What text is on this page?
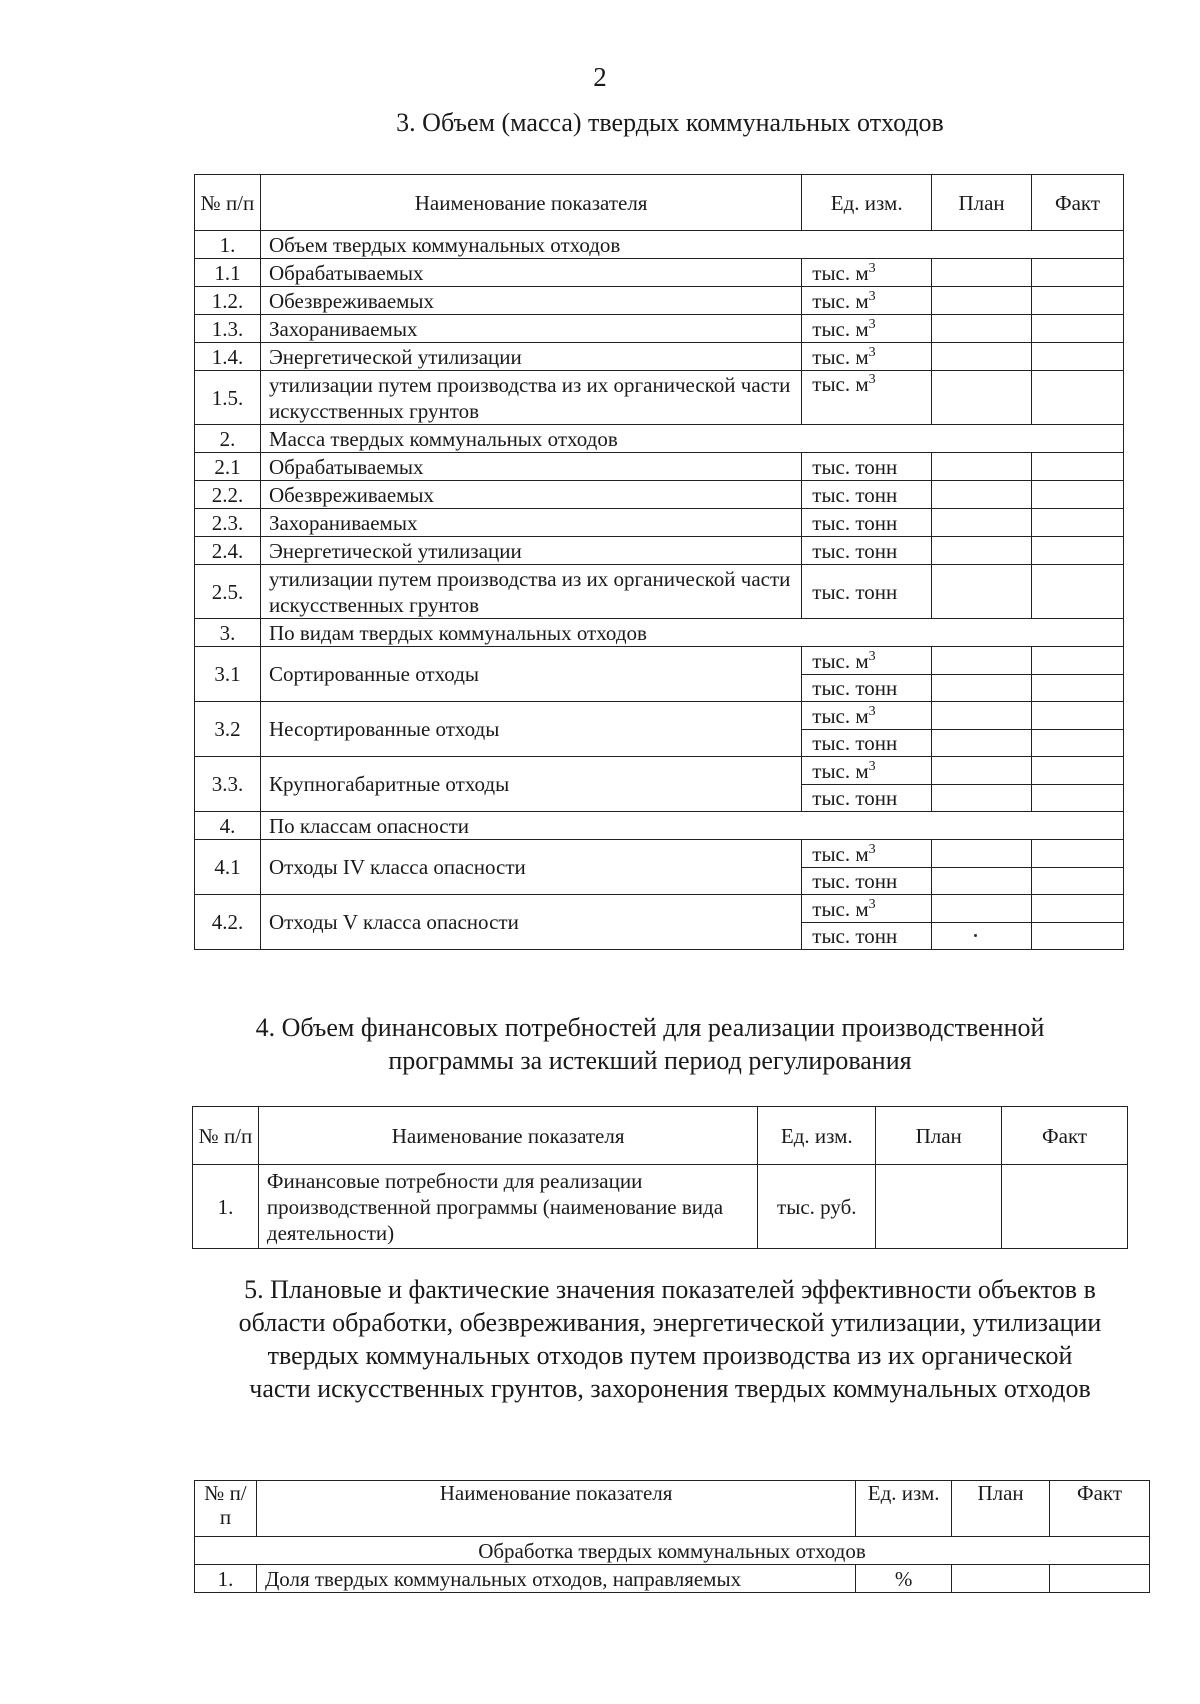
2
3. Объем (масса) твердых коммунальных отходов
№ п/п	Наименование показателя	Ед. изм.	План	Факт
1.	Объем твердых коммунальных отходов			
1.1	Обрабатываемых	тыс. $м^3$		
1.2.	Обезвреживаемых	тыс. $м^3$		
1.3.	Захораниваемых	тыс. $м^3$		
1.4.	Энергетической утилизации	тыс. $м^3$		
1.5.	утилизации путем производства из их органической части искусственных грунтов	тыс. $м^3$		
2.	Масса твердых коммунальных отходов			
2.1	Обрабатываемых	тыс. тонн		
2.2.	Обезвреживаемых	тыс. тонн		
2.3.	Захораниваемых	тыс. тонн		
2.4.	Энергетической утилизации	тыс. тонн		
2.5.	утилизации путем производства из их органической части искусственных грунтов	тыс. тонн		
3.	По видам твердых коммунальных отходов			
3.1	Сортированные отходы	тыс. $м^3$		
		тыс. тонн		
3.2	Несортированные отходы	тыс. $м^3$		
		тыс. тонн		
3.3.	Крупногабаритные отходы	тыс. $м^3$		
		тыс. тонн		
4.	По классам опасности			
4.1	Отходы IV класса опасности	тыс. $м^3$		
		тыс. тонн		
4.2.	Отходы V класса опасности	тыс. $м^3$		
		тыс. тонн		
4. Объем финансовых потребностей для реализации производственной
программы за истекший период регулирования
№ п/п	Наименование показателя	Ед. изм.	План	Факт
1.	Финансовые потребности для реализации производственной программы (наименование вида деятельности)	тыс. руб.		
5. Плановые и фактические значения показателей эффективности объектов в
области обработки, обезвреживания, энергетической утилизации, утилизации
твердых коммунальных отходов путем производства из их органической
части искусственных грунтов, захоронения твердых коммунальных отходов
№ п/п	Наименование показателя	Ед. изм.	План	Факт
Обработка твердых коммунальных отходов				
1.	Доля твердых коммунальных отходов, направляемых	%		
